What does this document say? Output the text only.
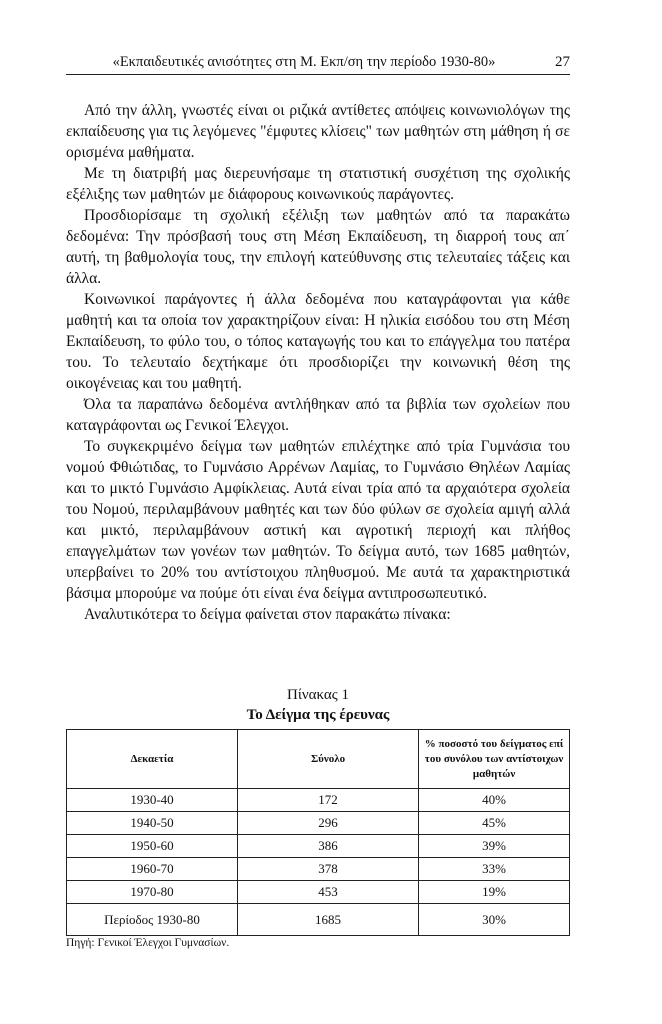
«Εκπαιδευτικές ανισότητες στη Μ. Εκπ/ση την περίοδο 1930-80»	27

Από την άλλη, γνωστές είναι οι ριζικά αντίθετες απόψεις κοινωνιολόγων της εκπαίδευσης για τις λεγόμενες "έμφυτες κλίσεις" των μαθητών στη μάθηση ή σε ορισμένα μαθήματα.

Με τη διατριβή μας διερευνήσαμε τη στατιστική συσχέτιση της σχολικής εξέλιξης των μαθητών με διάφορους κοινωνικούς παράγοντες.

Προσδιορίσαμε τη σχολική εξέλιξη των μαθητών από τα παρακάτω δεδομένα: Την πρόσβασή τους στη Μέση Εκπαίδευση, τη διαρροή τους απ΄ αυτή, τη βαθμολογία τους, την επιλογή κατεύθυνσης στις τελευταίες τάξεις και άλλα.

Κοινωνικοί παράγοντες ή άλλα δεδομένα που καταγράφονται για κάθε μαθητή και τα οποία τον χαρακτηρίζουν είναι: Η ηλικία εισόδου του στη Μέση Εκπαίδευση, το φύλο του, ο τόπος καταγωγής του και το επάγγελμα του πατέρα του. Το τελευταίο δεχτήκαμε ότι προσδιορίζει την κοινωνική θέση της οικογένειας και του μαθητή.

Όλα τα παραπάνω δεδομένα αντλήθηκαν από τα βιβλία των σχολείων που καταγράφονται ως Γενικοί Έλεγχοι.

Το συγκεκριμένο δείγμα των μαθητών επιλέχτηκε από τρία Γυμνάσια του νομού Φθιώτιδας, το Γυμνάσιο Αρρένων Λαμίας, το Γυμνάσιο Θηλέων Λαμίας και το μικτό Γυμνάσιο Αμφίκλειας. Αυτά είναι τρία από τα αρχαιότερα σχολεία του Νομού, περιλαμβάνουν μαθητές και των δύο φύλων σε σχολεία αμιγή αλλά και μικτό, περιλαμβάνουν αστική και αγροτική περιοχή και πλήθος επαγγελμάτων των γονέων των μαθητών. Το δείγμα αυτό, των 1685 μαθητών, υπερβαίνει το 20% του αντίστοιχου πληθυσμού. Με αυτά τα χαρακτηριστικά βάσιμα μπορούμε να πούμε ότι είναι ένα δείγμα αντιπροσωπευτικό.

Αναλυτικότερα το δείγμα φαίνεται στον παρακάτω πίνακα:

Πίνακας 1
Το Δείγμα της έρευνας
Δεκαετία	Σύνολο	% ποσοστό του δείγματος επί του συνόλου των αντίστοιχων μαθητών
1930-40	172	40%
1940-50	296	45%
1950-60	386	39%
1960-70	378	33%
1970-80	453	19%
Περίοδος 1930-80	1685	30%
Πηγή: Γενικοί Έλεγχοι Γυμνασίων.
